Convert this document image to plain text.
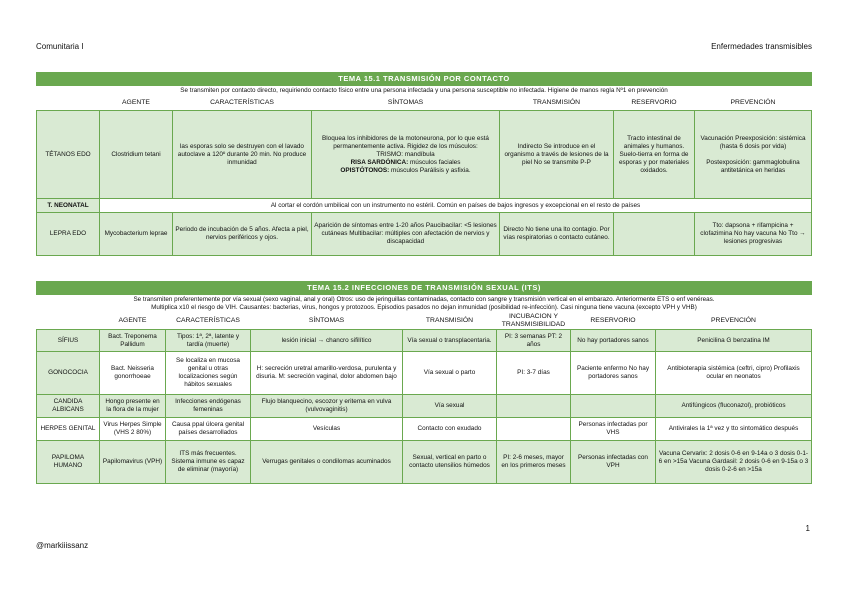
Comunitaria I	Enfermedades transmisibles
TEMA 15.1 TRANSMISIÓN POR CONTACTO						
Se transmiten por contacto directo, requiriendo contacto físico entre una persona infectada y una persona susceptible no infectada. Higiene de manos regla Nº1 en prevención						
	AGENTE	CARACTERÍSTICAS	SÍNTOMAS	TRANSMISIÓN	RESERVORIO	PREVENCIÓN
TÉTANOS EDO	Clostridium tetani	las esporas solo se destruyen con el lavado autoclave a 120º durante 20 min. No produce inmunidad	Bloquea los inhibidores de la motoneurona, por lo que está permanentemente activa. Rigidez de los músculos:
TRISMO: mandíbula
RISA SARDÓNICA: músculos faciales
OPISTÓTONOS: músculos Parálisis y asfixia.	Indirecto Se introduce en el organismo a través de lesiones de la piel No se transmite P-P	Tracto intestinal de animales y humanos. Suelo-tierra en forma de esporas y por materiales oxidados.	Vacunación Preexposición: sistémica (hasta 6 dosis por vida)

Postexposición: gammaglobulina antitetánica en heridas
T. NEONATAL	Al cortar el cordón umbilical con un instrumento no estéril. Común en países de bajos ingresos y excepcional en el resto de países					
LEPRA EDO	Mycobacterium leprae	Periodo de incubación de 5 años. Afecta a piel, nervios periféricos y ojos.	Aparición de síntomas entre 1-20 años Paucibacilar: <5 lesiones cutáneas Multibacilar: múltiples con afectación de nervios y discapacidad	Directo No tiene una lto contagio. Por vías respiratorias o contacto cutáneo.		Tto: dapsona + rifampicina + clofazimina No hay vacuna No Tto → lesiones progresivas
TEMA 15.2 INFECCIONES DE TRANSMISIÓN SEXUAL (ITS)							
Se transmiten preferentemente por vía sexual (sexo vaginal, anal y oral) Otros: uso de jeringuillas contaminadas, contacto con sangre y transmisión vertical en el embarazo. Anteriormente ETS o enf venéreas.
Multiplica x10 el riesgo de VIH. Causantes: bacterias, virus, hongos y protozoos. Episodios pasados no dejan inmunidad (posibilidad re-infección). Casi ninguna tiene vacuna (excepto VPH y VHB)							
	AGENTE	CARACTERÍSTICAS	SÍNTOMAS	TRANSMISIÓN	INCUBACION Y TRANSMISIBILIDAD	RESERVORIO	PREVENCIÓN
SÍFIUS	Bact. Treponema Pallidum	Tipos: 1ª, 2ª, latente y tardía (muerte)	lesión inicial → chancro sifilítico	Vía sexual o transplacentaria.	PI: 3 semanas PT: 2 años	No hay portadores sanos	Penicilina G benzatina IM
GONOCOCIA	Bact. Neisseria gonorrhoeae	Se localiza en mucosa genital u otras localizaciones según hábitos sexuales	H: secreción uretral amarillo-verdosa, purulenta y disuria. M: secreción vaginal, dolor abdomen bajo	Vía sexual o parto	PI: 3-7 días	Paciente enfermo No hay portadores sanos	Antibioterapia sistémica (ceftri, cipro) Profilaxis ocular en neonatos
CANDIDA ALBICANS	Hongo presente en la flora de la mujer	Infecciones endógenas femeninas	Flujo blanquecino, escozor y eritema en vulva (vulvovaginitis)	Vía sexual			Antifúngicos (fluconazol), probióticos
HERPES GENITAL	Virus Herpes Simple (VHS 2 80%)	Causa ppal úlcera genital países desarrollados	Vesículas	Contacto con exudado		Personas infectadas por VHS	Antivirales la 1ª vez y tto sintomático después
PAPILOMA HUMANO	Papilomavirus (VPH)	ITS más frecuentes. Sistema inmune es capaz de eliminar (mayoría)	Verrugas genitales o condilomas acuminados	Sexual, vertical en parto o contacto utensilios húmedos	PI: 2-6 meses, mayor en los primeros meses	Personas infectadas con VPH	Vacuna Cervarix: 2 dosis 0-6 en 9-14a o 3 dosis 0-1-6 en >15a Vacuna Gardasil: 2 dosis 0-6 en 9-15a o 3 dosis 0-2-6 en >15a
1
@markiiissanz
